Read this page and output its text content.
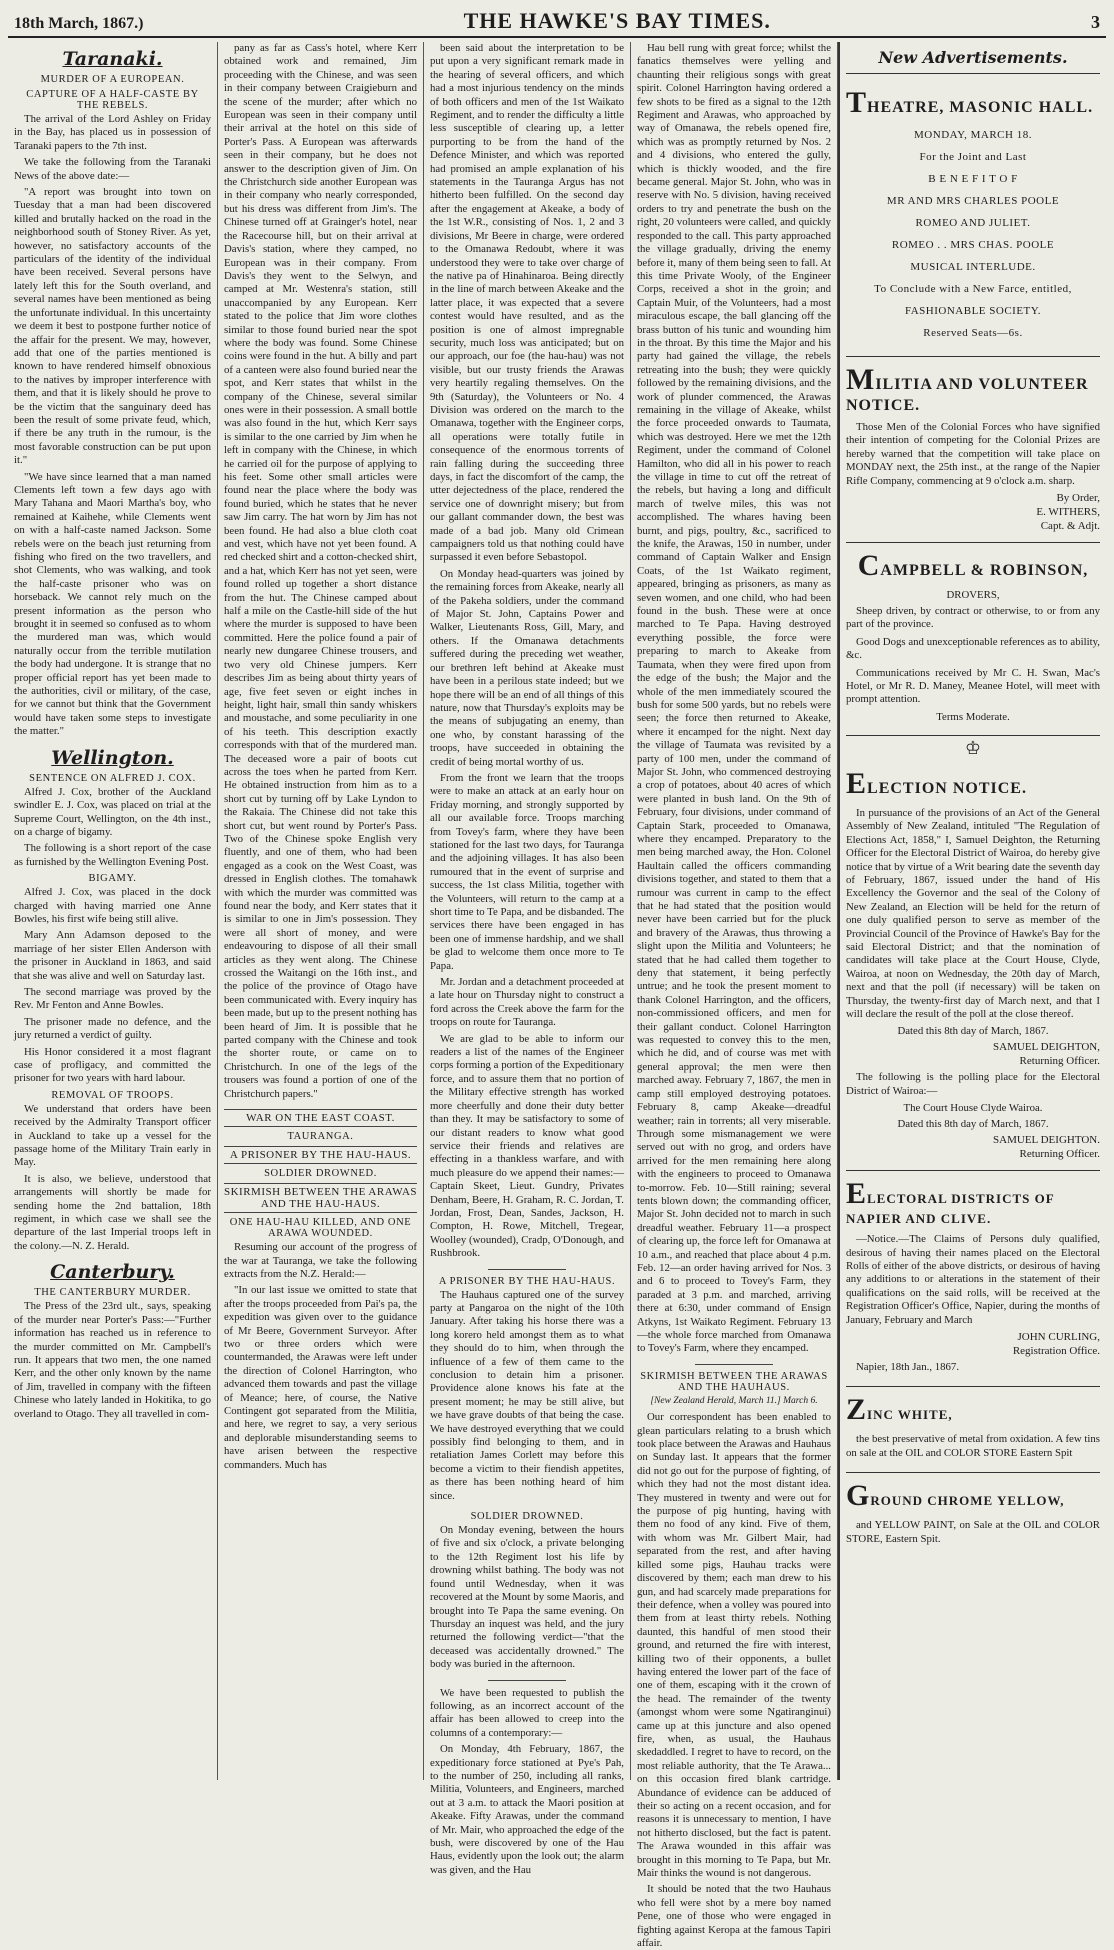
18th March, 1867.)	THE HAWKE'S BAY TIMES.	3
Taranaki.
MURDER OF A EUROPEAN.
CAPTURE OF A HALF-CASTE BY THE REBELS.

The arrival of the Lord Ashley on Friday in the Bay, has placed us in possession of Taranaki papers to the 7th inst.

We take the following from the Taranaki News of the above date:—

"A report was brought into town on Tuesday that a man had been discovered killed and brutally hacked on the road in the neighborhood south of Stoney River. As yet, however, no satisfactory accounts of the particulars of the identity of the individual have been received. Several persons have lately left this for the South overland, and several names have been mentioned as being the unfortunate individual. In this uncertainty we deem it best to postpone further notice of the affair for the present. We may, however, add that one of the parties mentioned is known to have rendered himself obnoxious to the natives by improper interference with them, and that it is likely should he prove to be the victim that the sanguinary deed has been the result of some private feud, which, if there be any truth in the rumour, is the most favorable construction can be put upon it."

"We have since learned that a man named Clements left town a few days ago with Mary Tahana and Maori Martha's boy, who remained at Kaihehe, while Clements went on with a half-caste named Jackson. Some rebels were on the beach just returning from fishing who fired on the two travellers, and shot Clements, who was walking, and took the half-caste prisoner who was on horseback. We cannot rely much on the present information as the person who brought it in seemed so confused as to whom the murdered man was, which would naturally occur from the terrible mutilation the body had undergone. It is strange that no proper official report has yet been made to the authorities, civil or military, of the case, for we cannot but think that the Government would have taken some steps to investigate the matter."

Wellington.
SENTENCE ON ALFRED J. COX.

Alfred J. Cox, brother of the Auckland swindler E. J. Cox, was placed on trial at the Supreme Court, Wellington, on the 4th inst., on a charge of bigamy.

The following is a short report of the case as furnished by the Wellington Evening Post.

BIGAMY.

Alfred J. Cox, was placed in the dock charged with having married one Anne Bowles, his first wife being still alive.

Mary Ann Adamson deposed to the marriage of her sister Ellen Anderson with the prisoner in Auckland in 1863, and said that she was alive and well on Saturday last.

The second marriage was proved by the Rev. Mr Fenton and Anne Bowles.

The prisoner made no defence, and the jury returned a verdict of guilty.

His Honor considered it a most flagrant case of profligacy, and committed the prisoner for two years with hard labour.

REMOVAL OF TROOPS.

We understand that orders have been received by the Admiralty Transport officer in Auckland to take up a vessel for the passage home of the Military Train early in May.

It is also, we believe, understood that arrangements will shortly be made for sending home the 2nd battalion, 18th regiment, in which case we shall see the departure of the last Imperial troops left in the colony.—N. Z. Herald.

Canterbury.
THE CANTERBURY MURDER.

The Press of the 23rd ult., says, speaking of the murder near Porter's Pass:—"Further information has reached us in reference to the murder committed on Mr. Campbell's run. It appears that two men, the one named Kerr, and the other only known by the name of Jim, travelled in company with the fifteen Chinese who lately landed in Hokitika, to go overland to Otago. They all travelled in com-

pany as far as Cass's hotel, where Kerr obtained work and remained, Jim proceeding with the Chinese, and was seen in their company between Craigieburn and the scene of the murder; after which no European was seen in their company until their arrival at the hotel on this side of Porter's Pass. A European was afterwards seen in their company, but he does not answer to the description given of Jim. On the Christchurch side another European was in their company who nearly corresponded, but his dress was different from Jim's. The Chinese turned off at Grainger's hotel, near the Racecourse hill, but on their arrival at Davis's station, where they camped, no European was in their company. From Davis's they went to the Selwyn, and camped at Mr. Westenra's station, still unaccompanied by any European. Kerr stated to the police that Jim wore clothes similar to those found buried near the spot where the body was found. Some Chinese coins were found in the hut. A billy and part of a canteen were also found buried near the spot, and Kerr states that whilst in the company of the Chinese, several similar ones were in their possession. A small bottle was also found in the hut, which Kerr says is similar to the one carried by Jim when he left in company with the Chinese, in which he carried oil for the purpose of applying to his feet. Some other small articles were found near the place where the body was found buried, which he states that he never saw Jim carry. The hat worn by Jim has not been found. He had also a blue cloth coat and vest, which have not yet been found. A red checked shirt and a cotton-checked shirt, and a hat, which Kerr has not yet seen, were found rolled up together a short distance from the hut. The Chinese camped about half a mile on the Castle-hill side of the hut where the murder is supposed to have been committed. Here the police found a pair of nearly new dungaree Chinese trousers, and two very old Chinese jumpers. Kerr describes Jim as being about thirty years of age, five feet seven or eight inches in height, light hair, small thin sandy whiskers and moustache, and some peculiarity in one of his teeth. This description exactly corresponds with that of the murdered man. The deceased wore a pair of boots cut across the toes when he parted from Kerr. He obtained instruction from him as to a short cut by turning off by Lake Lyndon to the Rakaia. The Chinese did not take this short cut, but went round by Porter's Pass. Two of the Chinese spoke English very fluently, and one of them, who had been engaged as a cook on the West Coast, was dressed in English clothes. The tomahawk with which the murder was committed was found near the body, and Kerr states that it is similar to one in Jim's possession. They were all short of money, and were endeavouring to dispose of all their small articles as they went along. The Chinese crossed the Waitangi on the 16th inst., and the police of the province of Otago have been communicated with. Every inquiry has been made, but up to the present nothing has been heard of Jim. It is possible that he parted company with the Chinese and took the shorter route, or came on to Christchurch. In one of the legs of the trousers was found a portion of one of the Christchurch papers."

WAR ON THE EAST COAST.
TAURANGA.
A PRISONER BY THE HAU-HAUS.
SOLDIER DROWNED.
SKIRMISH BETWEEN THE ARAWAS AND THE HAU-HAUS.
ONE HAU-HAU KILLED, AND ONE ARAWA WOUNDED.

Resuming our account of the progress of the war at Tauranga, we take the following extracts from the N.Z. Herald:—

"In our last issue we omitted to state that after the troops proceeded from Pai's pa, the expedition was given over to the guidance of Mr Beere, Government Surveyor. After two or three orders which were countermanded, the Arawas were left under the direction of Colonel Harrington, who advanced them towards and past the village of Meance; here, of course, the Native Contingent got separated from the Militia, and here, we regret to say, a very serious and deplorable misunderstanding seems to have arisen between the respective commanders. Much has

been said about the interpretation to be put upon a very significant remark made in the hearing of several officers, and which had a most injurious tendency on the minds of both officers and men of the 1st Waikato Regiment, and to render the difficulty a little less susceptible of clearing up, a letter purporting to be from the hand of the Defence Minister, and which was reported had promised an ample explanation of his statements in the Tauranga Argus has not hitherto been fulfilled. On the second day after the engagement at Akeake, a body of the 1st W.R., consisting of Nos. 1, 2 and 3 divisions, Mr Beere in charge, were ordered to the Omanawa Redoubt, where it was understood they were to take over charge of the native pa of Hinahinaroa. Being directly in the line of march between Akeake and the latter place, it was expected that a severe contest would have resulted, and as the position is one of almost impregnable security, much loss was anticipated; but on our approach, our foe (the hau-hau) was not visible, but our trusty friends the Arawas very heartily regaling themselves. On the 9th (Saturday), the Volunteers or No. 4 Division was ordered on the march to the Omanawa, together with the Engineer corps, all operations were totally futile in consequence of the enormous torrents of rain falling during the succeeding three days, in fact the discomfort of the camp, the utter dejectedness of the place, rendered the service one of downright misery; but from our gallant commander down, the best was made of a bad job. Many old Crimean campaigners told us that nothing could have surpassed it even before Sebastopol.

On Monday head-quarters was joined by the remaining forces from Akeake, nearly all of the Pakeha soldiers, under the command of Major St. John, Captains Power and Walker, Lieutenants Ross, Gill, Mary, and others. If the Omanawa detachments suffered during the preceding wet weather, our brethren left behind at Akeake must have been in a perilous state indeed; but we hope there will be an end of all things of this nature, now that Thursday's exploits may be the means of subjugating an enemy, than one who, by constant harassing of the troops, have succeeded in obtaining the credit of being mortal worthy of us.

From the front we learn that the troops were to make an attack at an early hour on Friday morning, and strongly supported by all our available force. Troops marching from Tovey's farm, where they have been stationed for the last two days, for Tauranga and the adjoining villages. It has also been rumoured that in the event of surprise and success, the 1st class Militia, together with the Volunteers, will return to the camp at a short time to Te Papa, and be disbanded. The services there have been engaged in has been one of immense hardship, and we shall be glad to welcome them once more to Te Papa.

Mr. Jordan and a detachment proceeded at a late hour on Thursday night to construct a ford across the Creek above the farm for the troops on route for Tauranga.

We are glad to be able to inform our readers a list of the names of the Engineer corps forming a portion of the Expeditionary force, and to assure them that no portion of the Military effective strength has worked more cheerfully and done their duty better than they. It may be satisfactory to some of our distant readers to know what good service their friends and relatives are effecting in a thankless warfare, and with much pleasure do we append their names:—Captain Skeet, Lieut. Gundry, Privates Denham, Beere, H. Graham, R. C. Jordan, T. Jordan, Frost, Dean, Sandes, Jackson, H. Compton, H. Rowe, Mitchell, Tregear, Woolley (wounded), Cradp, O'Donough, and Rushbrook.

A PRISONER BY THE HAU-HAUS.

The Hauhaus captured one of the survey party at Pangaroa on the night of the 10th January. After taking his horse there was a long korero held amongst them as to what they should do to him, when through the influence of a few of them came to the conclusion to detain him a prisoner. Providence alone knows his fate at the present moment; he may be still alive, but we have grave doubts of that being the case. We have destroyed everything that we could possibly find belonging to them, and in retaliation James Corlett may before this become a victim to their fiendish appetites, as there has been nothing heard of him since.

SOLDIER DROWNED.

On Monday evening, between the hours of five and six o'clock, a private belonging to the 12th Regiment lost his life by drowning whilst bathing. The body was not found until Wednesday, when it was recovered at the Mount by some Maoris, and brought into Te Papa the same evening. On Thursday an inquest was held, and the jury returned the following verdict—"that the deceased was accidentally drowned." The body was buried in the afternoon.

We have been requested to publish the following, as an incorrect account of the affair has been allowed to creep into the columns of a contemporary:—

On Monday, 4th February, 1867, the expeditionary force stationed at Pye's Pah, to the number of 250, including all ranks, Militia, Volunteers, and Engineers, marched out at 3 a.m. to attack the Maori position at Akeake. Fifty Arawas, under the command of Mr. Mair, who approached the edge of the bush, were discovered by one of the Hau Haus, evidently upon the look out; the alarm was given, and the Hau

Hau bell rung with great force; whilst the fanatics themselves were yelling and chaunting their religious songs with great spirit. Colonel Harrington having ordered a few shots to be fired as a signal to the 12th Regiment and Arawas, who approached by way of Omanawa, the rebels opened fire, which was as promptly returned by Nos. 2 and 4 divisions, who entered the gully, which is thickly wooded, and the fire became general. Major St. John, who was in reserve with No. 5 division, having received orders to try and penetrate the bush on the right, 20 volunteers were called, and quickly responded to the call. This party approached the village gradually, driving the enemy before it, many of them being seen to fall. At this time Private Wooly, of the Engineer Corps, received a shot in the groin; and Captain Muir, of the Volunteers, had a most miraculous escape, the ball glancing off the brass button of his tunic and wounding him in the throat. By this time the Major and his party had gained the village, the rebels retreating into the bush; they were quickly followed by the remaining divisions, and the work of plunder commenced, the Arawas remaining in the village of Akeake, whilst the force proceeded onwards to Taumata, which was destroyed. Here we met the 12th Regiment, under the command of Colonel Hamilton, who did all in his power to reach the village in time to cut off the retreat of the rebels, but having a long and difficult march of twelve miles, this was not accomplished. The whares having been burnt, and pigs, poultry, &c., sacrificed to the knife, the Arawas, 150 in number, under command of Captain Walker and Ensign Coats, of the 1st Waikato regiment, appeared, bringing as prisoners, as many as seven women, and one child, who had been found in the bush. These were at once marched to Te Papa. Having destroyed everything possible, the force were preparing to march to Akeake from Taumata, when they were fired upon from the edge of the bush; the Major and the whole of the men immediately scoured the bush for some 500 yards, but no rebels were seen; the force then returned to Akeake, where it encamped for the night. Next day the village of Taumata was revisited by a party of 100 men, under the command of Major St. John, who commenced destroying a crop of potatoes, about 40 acres of which were planted in bush land. On the 9th of February, four divisions, under command of Captain Stark, proceeded to Omanawa, where they encamped. Preparatory to the men being marched away, the Hon. Colonel Haultain called the officers commanding divisions together, and stated to them that a rumour was current in camp to the effect that he had stated that the position would never have been carried but for the pluck and bravery of the Arawas, thus throwing a slight upon the Militia and Volunteers; he stated that he had called them together to deny that statement, it being perfectly untrue; and he took the present moment to thank Colonel Harrington, and the officers, non-commissioned officers, and men for their gallant conduct. Colonel Harrington was requested to convey this to the men, which he did, and of course was met with general approval; the men were then marched away. February 7, 1867, the men in camp still employed destroying potatoes. February 8, camp Akeake—dreadful weather; rain in torrents; all very miserable. Through some mismanagement we were served out with no grog, and orders have arrived for the men remaining here along with the engineers to proceed to Omanawa to-morrow. Feb. 10—Still raining; several tents blown down; the commanding officer, Major St. John decided not to march in such dreadful weather. February 11—a prospect of clearing up, the force left for Omanawa at 10 a.m., and reached that place about 4 p.m. Feb. 12—an order having arrived for Nos. 3 and 6 to proceed to Tovey's Farm, they paraded at 3 p.m. and marched, arriving there at 6:30, under command of Ensign Atkyns, 1st Waikato Regiment. February 13—the whole force marched from Omanawa to Tovey's Farm, where they encamped.

SKIRMISH BETWEEN THE ARAWAS AND THE HAUHAUS.

[New Zealand Herald, March 11.] March 6.

Our correspondent has been enabled to glean particulars relating to a brush which took place between the Arawas and Hauhaus on Sunday last. It appears that the former did not go out for the purpose of fighting, of which they had not the most distant idea. They mustered in twenty and were out for the purpose of pig hunting, having with them no food of any kind. Five of them, with whom was Mr. Gilbert Mair, had separated from the rest, and after having killed some pigs, Hauhau tracks were discovered by them; each man drew to his gun, and had scarcely made preparations for their defence, when a volley was poured into them from at least thirty rebels. Nothing daunted, this handful of men stood their ground, and returned the fire with interest, killing two of their opponents, a bullet having entered the lower part of the face of one of them, escaping with it the crown of the head. The remainder of the twenty (amongst whom were some Ngatiranginui) came up at this juncture and also opened fire, when, as usual, the Hauhaus skedaddled. I regret to have to record, on the most reliable authority, that the Te Arawa... on this occasion fired blank cartridge. Abundance of evidence can be adduced of their so acting on a recent occasion, and for reasons it is unnecessary to mention, I have not hitherto disclosed, but the fact is patent. The Arawa wounded in this affair was brought in this morning to Te Papa, but Mr. Mair thinks the wound is not dangerous.

It should be noted that the two Hauhaus who fell were shot by a mere boy named Pene, one of those who were engaged in fighting against Keropa at the famous Tapiri affair.

New Advertisements.
THEATRE, MASONIC HALL.
MONDAY, MARCH 18.
For the Joint and Last
B E N E F I T O F
MR AND MRS CHARLES POOLE
ROMEO AND JULIET.
ROMEO . . MRS CHAS. POOLE
MUSICAL INTERLUDE.
To Conclude with a New Farce, entitled,
FASHIONABLE SOCIETY.
Reserved Seats—6s.
MILITIA AND VOLUNTEER NOTICE.
Those Men of the Colonial Forces who have signified their intention of competing for the Colonial Prizes are hereby warned that the competition will take place on MONDAY next, the 25th inst., at the range of the Napier Rifle Company, commencing at 9 o'clock a.m. sharp.
By Order,
E. WITHERS,
Capt. & Adjt.
CAMPBELL & ROBINSON,
DROVERS,
Sheep driven, by contract or otherwise, to or from any part of the province.
Good Dogs and unexceptionable references as to ability, &c.
Communications received by Mr C. H. Swan, Mac's Hotel, or Mr R. D. Maney, Meanee Hotel, will meet with prompt attention.
Terms Moderate.
♔
ELECTION NOTICE.
In pursuance of the provisions of an Act of the General Assembly of New Zealand, intituled "The Regulation of Elections Act, 1858," I, Samuel Deighton, the Returning Officer for the Electoral District of Wairoa, do hereby give notice that by virtue of a Writ bearing date the seventh day of February, 1867, issued under the hand of His Excellency the Governor and the seal of the Colony of New Zealand, an Election will be held for the return of one duly qualified person to serve as member of the Provincial Council of the Province of Hawke's Bay for the said Electoral District; and that the nomination of candidates will take place at the Court House, Clyde, Wairoa, at noon on Wednesday, the 20th day of March, next and that the poll (if necessary) will be taken on Thursday, the twenty-first day of March next, and that I will declare the result of the poll at the close thereof.
Dated this 8th day of March, 1867.
SAMUEL DEIGHTON,
Returning Officer.
The following is the polling place for the Electoral District of Wairoa:—
The Court House Clyde Wairoa.
Dated this 8th day of March, 1867.
SAMUEL DEIGHTON.
Returning Officer.
ELECTORAL DISTRICTS OF NAPIER AND CLIVE.
—Notice.—The Claims of Persons duly qualified, desirous of having their names placed on the Electoral Rolls of either of the above districts, or desirous of having any additions to or alterations in the statement of their qualifications on the said rolls, will be received at the Registration Officer's Office, Napier, during the months of January, February and March
JOHN CURLING,
Registration Office.
Napier, 18th Jan., 1867.
ZINC WHITE,
the best preservative of metal from oxidation. A few tins on sale at the OIL and COLOR STORE Eastern Spit
GROUND CHROME YELLOW,
and YELLOW PAINT, on Sale at the OIL and COLOR STORE, Eastern Spit.
